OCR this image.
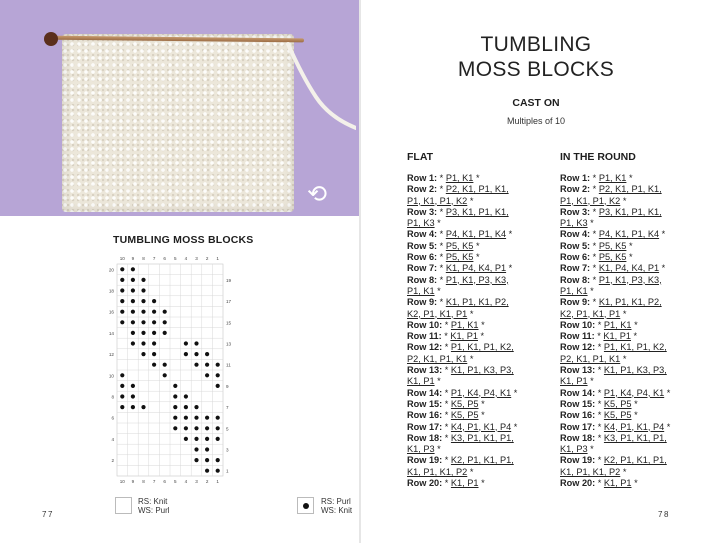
⟲
TUMBLING MOSS BLOCKS
10 9 8 7 6 5 4 3 2 1
10 9 8 7 6 5 4 3 2 1
20
18
16
14
12
10
8
6
4
2
19
17
15
13
11
9
7
5
3
1
RS: Knit
WS: Purl
RS: Purl
WS: Knit
77
TUMBLING
MOSS BLOCKS
CAST ON
Multiples of 10
FLAT	IN THE ROUND
Row 1: * P1, K1 *
Row 2: * P2, K1, P1, K1,
P1, K1, P1, K2 *
Row 3: * P3, K1, P1, K1,
P1, K3 *
Row 4: * P4, K1, P1, K4 *
Row 5: * P5, K5 *
Row 6: * P5, K5 *
Row 7: * K1, P4, K4, P1 *
Row 8: * P1, K1, P3, K3,
P1, K1 *
Row 9: * K1, P1, K1, P2,
K2, P1, K1, P1 *
Row 10: * P1, K1 *
Row 11: * K1, P1 *
Row 12: * P1, K1, P1, K2,
P2, K1, P1, K1 *
Row 13: * K1, P1, K3, P3,
K1, P1 *
Row 14: * P1, K4, P4, K1 *
Row 15: * K5, P5 *
Row 16: * K5, P5 *
Row 17: * K4, P1, K1, P4 *
Row 18: * K3, P1, K1, P1,
K1, P3 *
Row 19: * K2, P1, K1, P1,
K1, P1, K1, P2 *
Row 20: * K1, P1 *
Row 1: * P1, K1 *
Row 2: * P2, K1, P1, K1,
P1, K1, P1, K2 *
Row 3: * P3, K1, P1, K1,
P1, K3 *
Row 4: * P4, K1, P1, K4 *
Row 5: * P5, K5 *
Row 6: * P5, K5 *
Row 7: * K1, P4, K4, P1 *
Row 8: * P1, K1, P3, K3,
P1, K1 *
Row 9: * K1, P1, K1, P2,
K2, P1, K1, P1 *
Row 10: * P1, K1 *
Row 11: * K1, P1 *
Row 12: * P1, K1, P1, K2,
P2, K1, P1, K1 *
Row 13: * K1, P1, K3, P3,
K1, P1 *
Row 14: * P1, K4, P4, K1 *
Row 15: * K5, P5 *
Row 16: * K5, P5 *
Row 17: * K4, P1, K1, P4 *
Row 18: * K3, P1, K1, P1,
K1, P3 *
Row 19: * K2, P1, K1, P1,
K1, P1, K1, P2 *
Row 20: * K1, P1 *
78
